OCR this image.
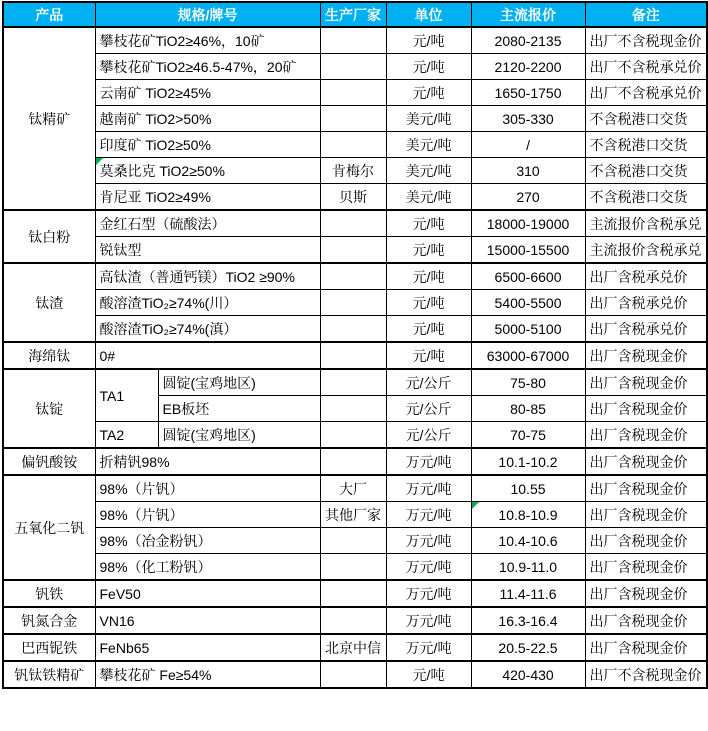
产品	规格/牌号		生产厂家	单位	主流报价	备注
钛精矿	攀枝花矿TiO2≥46%，10矿			元/吨	2080-2135	出厂不含税现金价
	攀枝花矿TiO2≥46.5-47%，20矿			元/吨	2120-2200	出厂不含税承兑价
	云南矿 TiO2≥45%			元/吨	1650-1750	出厂不含税承兑价
	越南矿 TiO2>50%			美元/吨	305-330	不含税港口交货
	印度矿 TiO2≥50%			美元/吨	/	不含税港口交货
	莫桑比克 TiO2≥50%		肯梅尔	美元/吨	310	不含税港口交货
	肯尼亚 TiO2≥49%		贝斯	美元/吨	270	不含税港口交货
钛白粉	金红石型（硫酸法）			元/吨	18000-19000	主流报价含税承兑
	锐钛型			元/吨	15000-15500	主流报价含税承兑
钛渣	高钛渣（普通钙镁）TiO2 ≥90%			元/吨	6500-6600	出厂含税承兑价
	酸溶渣TiO₂≥74%(川）			元/吨	5400-5500	出厂含税承兑价
	酸溶渣TiO₂≥74%(滇）			元/吨	5000-5100	出厂含税承兑价
海绵钛	0#			元/吨	63000-67000	出厂含税现金价
钛锭	TA1	圆锭(宝鸡地区)		元/公斤	75-80	出厂含税现金价
		EB板坯		元/公斤	80-85	出厂含税现金价
	TA2	圆锭(宝鸡地区)		元/公斤	70-75	出厂含税现金价
偏钒酸铵	折精钒98%			万元/吨	10.1-10.2	出厂含税现金价
五氧化二钒	98%（片钒）		大厂	万元/吨	10.55	出厂含税现金价
	98%（片钒）		其他厂家	万元/吨	10.8-10.9	出厂含税现金价
	98%（冶金粉钒）			万元/吨	10.4-10.6	出厂含税现金价
	98%（化工粉钒）			万元/吨	10.9-11.0	出厂含税现金价
钒铁	FeV50			万元/吨	11.4-11.6	出厂含税现金价
钒氮合金	VN16			万元/吨	16.3-16.4	出厂含税现金价
巴西铌铁	FeNb65		北京中信	万元/吨	20.5-22.5	出厂含税现金价
钒钛铁精矿	攀枝花矿 Fe≥54%			元/吨	420-430	出厂不含税现金价
